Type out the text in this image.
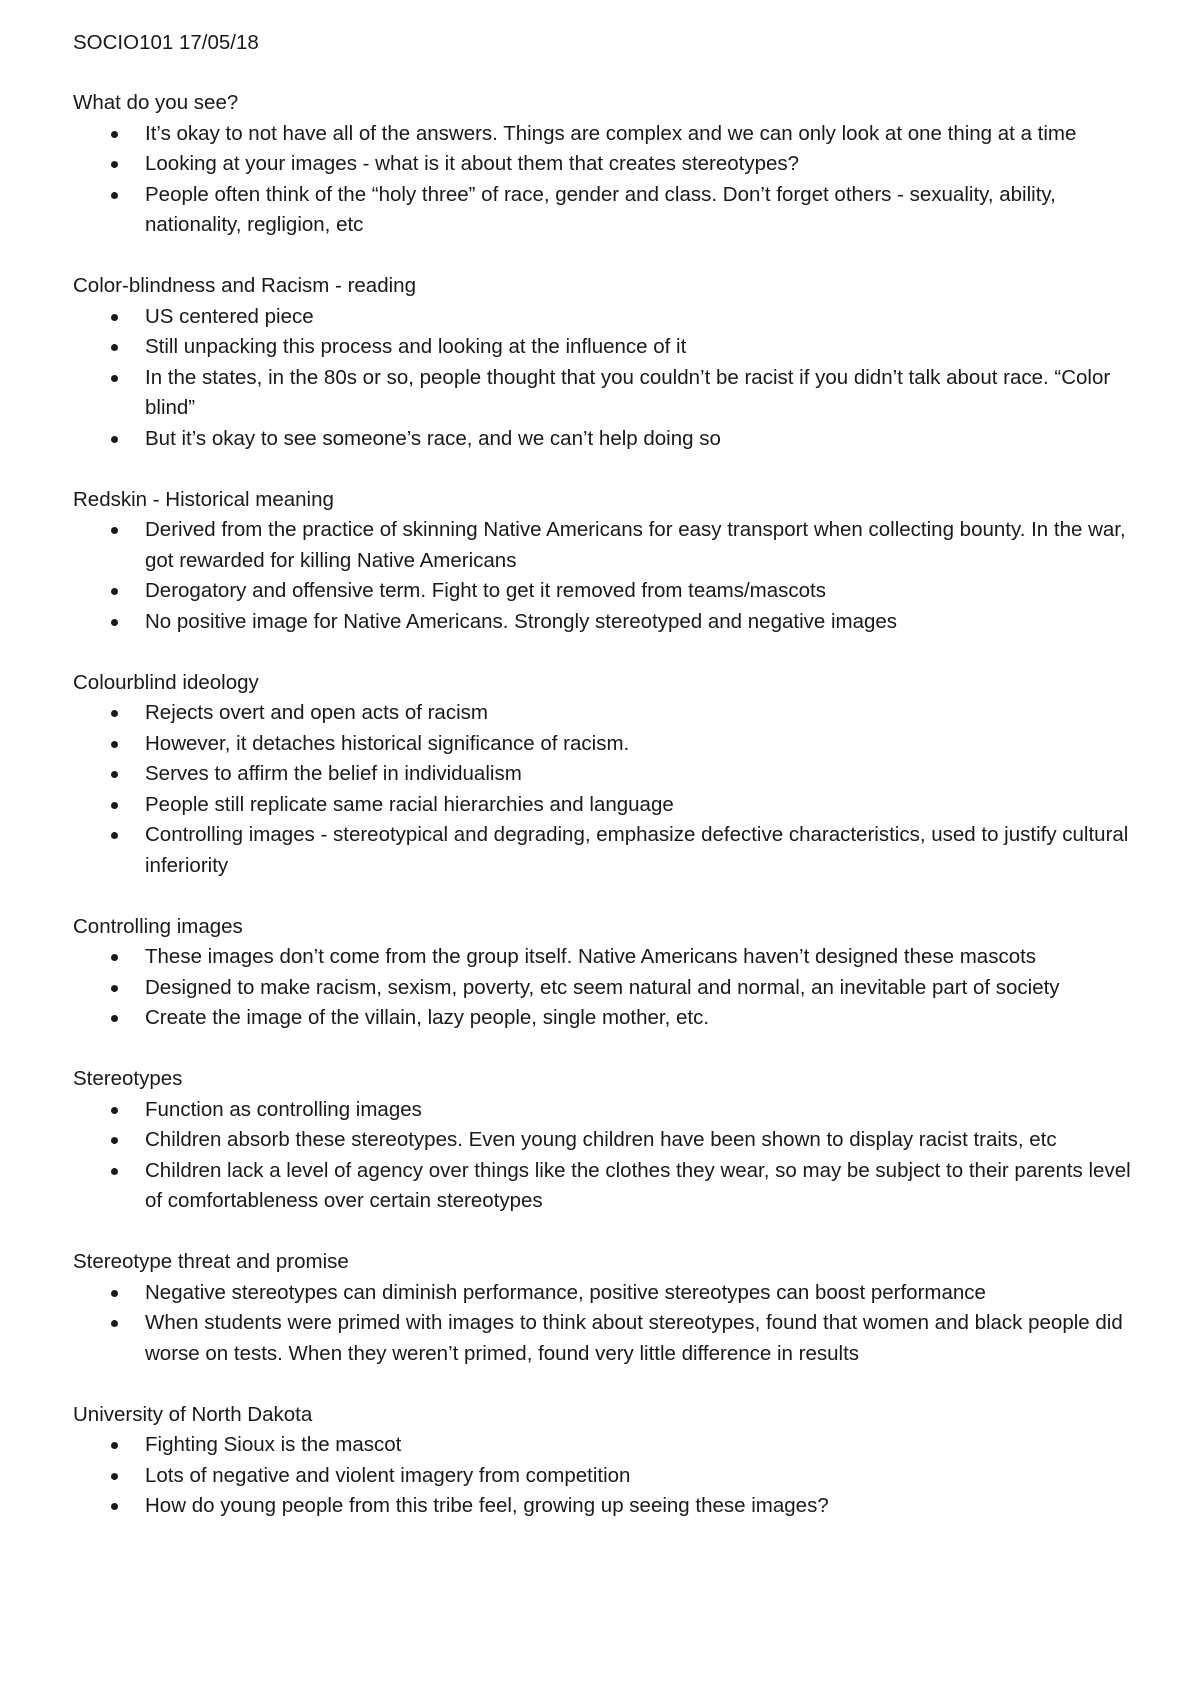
SOCIO101 17/05/18
What do you see?
It’s okay to not have all of the answers. Things are complex and we can only look at one thing at a time
Looking at your images - what is it about them that creates stereotypes?
People often think of the “holy three” of race, gender and class. Don’t forget others - sexuality, ability, nationality, regligion, etc
Color-blindness and Racism - reading
US centered piece
Still unpacking this process and looking at the influence of it
In the states, in the 80s or so, people thought that you couldn’t be racist if you didn’t talk about race. “Color blind”
But it’s okay to see someone’s race, and we can’t help doing so
Redskin - Historical meaning
Derived from the practice of skinning Native Americans for easy transport when collecting bounty. In the war, got rewarded for killing Native Americans
Derogatory and offensive term. Fight to get it removed from teams/mascots
No positive image for Native Americans. Strongly stereotyped and negative images
Colourblind ideology
Rejects overt and open acts of racism
However, it detaches historical significance of racism.
Serves to affirm the belief in individualism
People still replicate same racial hierarchies and language
Controlling images - stereotypical and degrading, emphasize defective characteristics, used to justify cultural inferiority
Controlling images
These images don’t come from the group itself. Native Americans haven’t designed these mascots
Designed to make racism, sexism, poverty, etc seem natural and normal, an inevitable part of society
Create the image of the villain, lazy people, single mother, etc.
Stereotypes
Function as controlling images
Children absorb these stereotypes. Even young children have been shown to display racist traits, etc
Children lack a level of agency over things like the clothes they wear, so may be subject to their parents level of comfortableness over certain stereotypes
Stereotype threat and promise
Negative stereotypes can diminish performance, positive stereotypes can boost performance
When students were primed with images to think about stereotypes, found that women and black people did worse on tests. When they weren’t primed, found very little difference in results
University of North Dakota
Fighting Sioux is the mascot
Lots of negative and violent imagery from competition
How do young people from this tribe feel, growing up seeing these images?
